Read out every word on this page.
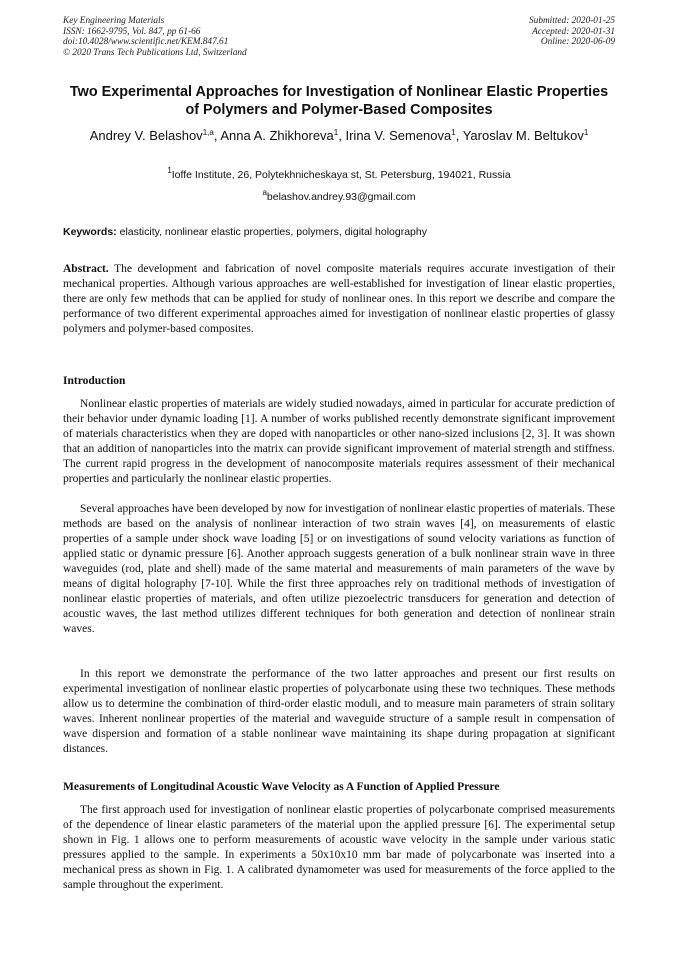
Key Engineering Materials
ISSN: 1662-9795, Vol. 847, pp 61-66
doi:10.4028/www.scientific.net/KEM.847.61
© 2020 Trans Tech Publications Ltd, Switzerland
Submitted: 2020-01-25
Accepted: 2020-01-31
Online: 2020-06-09
Two Experimental Approaches for Investigation of Nonlinear Elastic Properties of Polymers and Polymer-Based Composites
Andrey V. Belashov$^{1,a}$, Anna A. Zhikhoreva$^1$, Irina V. Semenova$^1$, Yaroslav M. Beltukov$^1$
$^1$Ioffe Institute, 26, Polytekhnicheskaya st, St. Petersburg, 194021, Russia
$^a$belashov.andrey.93@gmail.com
Keywords: elasticity, nonlinear elastic properties, polymers, digital holography
Abstract. The development and fabrication of novel composite materials requires accurate investigation of their mechanical properties. Although various approaches are well-established for investigation of linear elastic properties, there are only few methods that can be applied for study of nonlinear ones. In this report we describe and compare the performance of two different experimental approaches aimed for investigation of nonlinear elastic properties of glassy polymers and polymer-based composites.
Introduction
Nonlinear elastic properties of materials are widely studied nowadays, aimed in particular for accurate prediction of their behavior under dynamic loading [1]. A number of works published recently demonstrate significant improvement of materials characteristics when they are doped with nanoparticles or other nano-sized inclusions [2, 3]. It was shown that an addition of nanoparticles into the matrix can provide significant improvement of material strength and stiffness. The current rapid progress in the development of nanocomposite materials requires assessment of their mechanical properties and particularly the nonlinear elastic properties.
Several approaches have been developed by now for investigation of nonlinear elastic properties of materials. These methods are based on the analysis of nonlinear interaction of two strain waves [4], on measurements of elastic properties of a sample under shock wave loading [5] or on investigations of sound velocity variations as function of applied static or dynamic pressure [6]. Another approach suggests generation of a bulk nonlinear strain wave in three waveguides (rod, plate and shell) made of the same material and measurements of main parameters of the wave by means of digital holography [7-10]. While the first three approaches rely on traditional methods of investigation of nonlinear elastic properties of materials, and often utilize piezoelectric transducers for generation and detection of acoustic waves, the last method utilizes different techniques for both generation and detection of nonlinear strain waves.
In this report we demonstrate the performance of the two latter approaches and present our first results on experimental investigation of nonlinear elastic properties of polycarbonate using these two techniques. These methods allow us to determine the combination of third-order elastic moduli, and to measure main parameters of strain solitary waves. Inherent nonlinear properties of the material and waveguide structure of a sample result in compensation of wave dispersion and formation of a stable nonlinear wave maintaining its shape during propagation at significant distances.
Measurements of Longitudinal Acoustic Wave Velocity as A Function of Applied Pressure
The first approach used for investigation of nonlinear elastic properties of polycarbonate comprised measurements of the dependence of linear elastic parameters of the material upon the applied pressure [6]. The experimental setup shown in Fig. 1 allows one to perform measurements of acoustic wave velocity in the sample under various static pressures applied to the sample. In experiments a 50x10x10 mm bar made of polycarbonate was inserted into a mechanical press as shown in Fig. 1. A calibrated dynamometer was used for measurements of the force applied to the sample throughout the experiment.
